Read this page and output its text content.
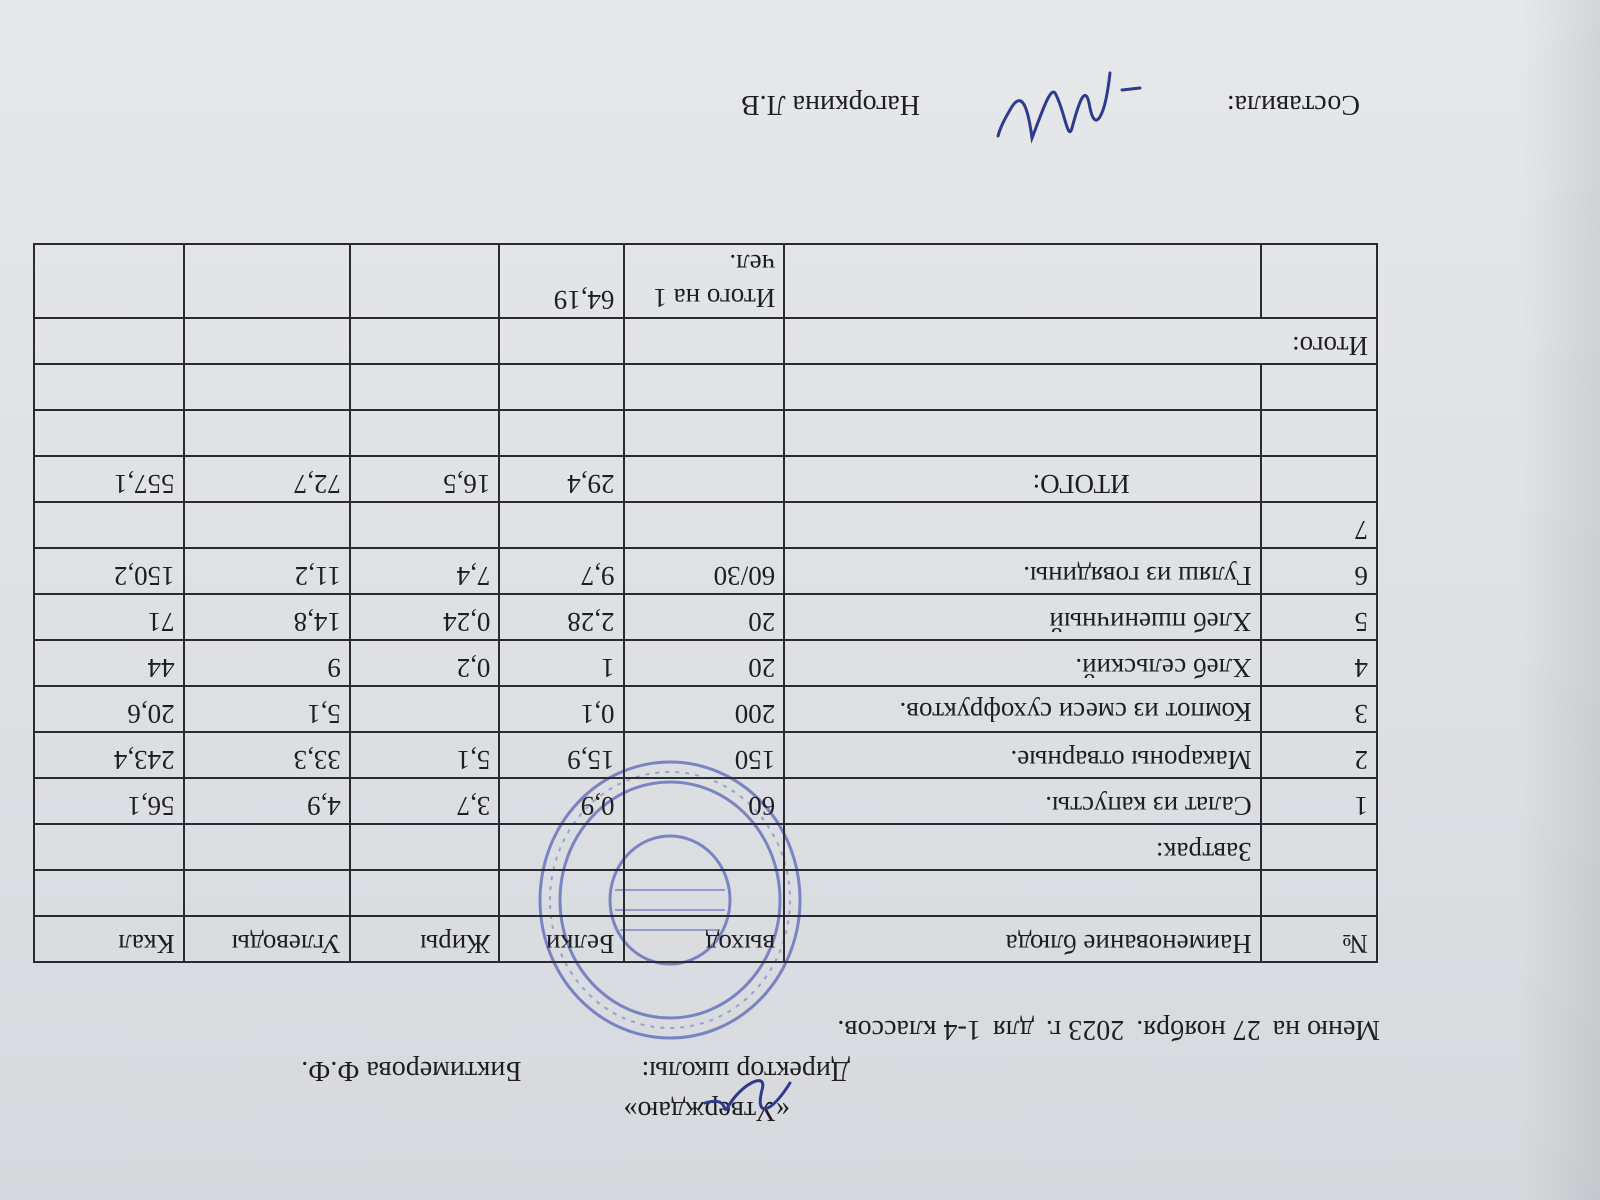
«Утверждаю»
Директор школы:Биктимерова Ф.Ф.
Меню на27 ноября.2023 г.для1-4 классов.
№	Наименование блюда	выход	Белки	Жиры	Углеводы	Ккал

	Завтрак:					
1	Салат из капусты.	60	0,9	3,7	4,9	56,1
2	Макароны отварные.	150	15,9	5,1	33,3	243,4
3	Компот из смеси сухофруктов.	200	0,1		5,1	20,6
4	Хлеб сельский.	20	1	0,2	9	44
5	Хлеб пшеничный	20	2,28	0,24	14,8	71
6	Гуляш из говядины.	60/30	9,7	7,4	11,2	150,2
7						
	ИТОГО:		29,4	16,5	72,7	557,1

Итого:						
		Итого на 1 чел.	64,19			
Составила:
Нагоркина Л.В
